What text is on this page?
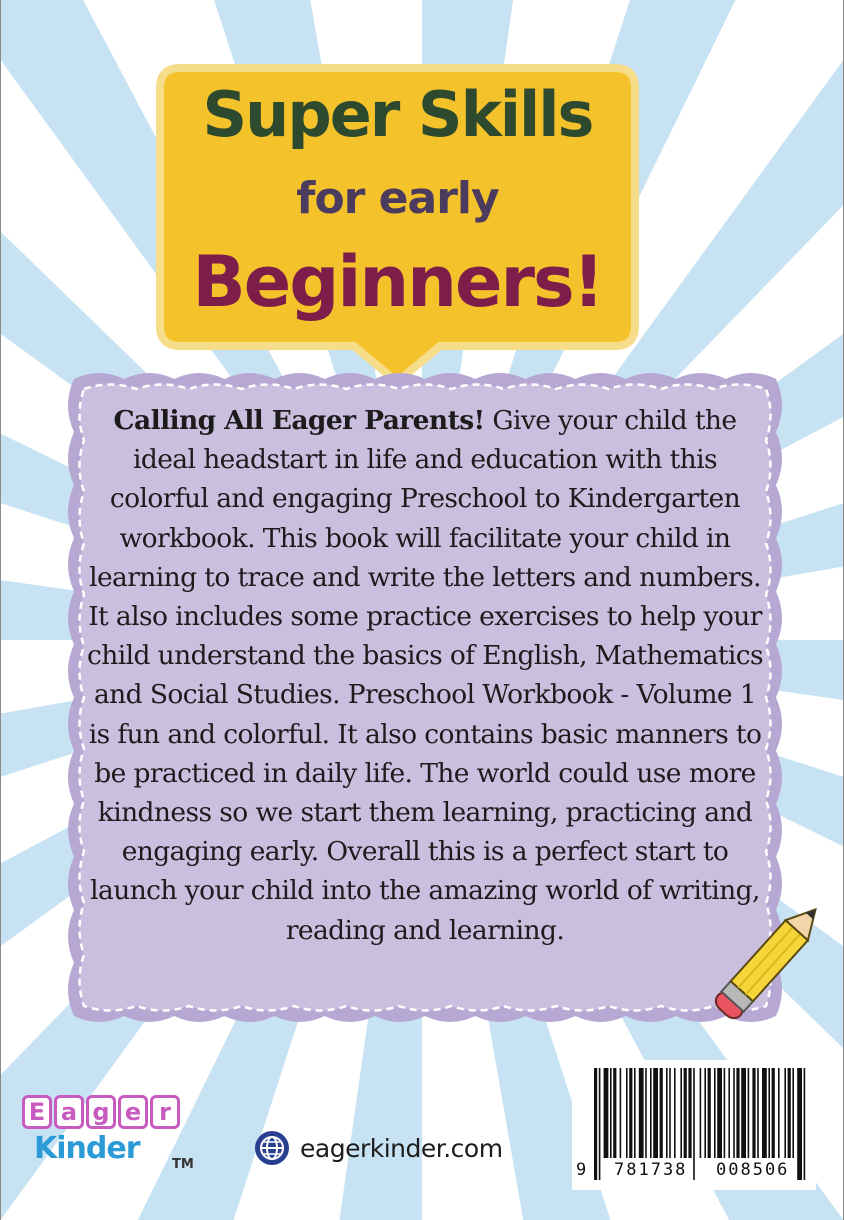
Super Skills
for early
Beginners!
Calling All Eager Parents! Give your child the ideal headstart in life and education with this colorful and engaging Preschool to Kindergarten workbook. This book will facilitate your child in learning to trace and write the letters and numbers. It also includes some practice exercises to help your child understand the basics of English, Mathematics and Social Studies. Preschool Workbook - Volume 1 is fun and colorful. It also contains basic manners to be practiced in daily life. The world could use more kindness so we start them learning, practicing and engaging early. Overall this is a perfect start to launch your child into the amazing world of writing, reading and learning.
E a g e r
Kinder TM
eagerkinder.com
9 781738 008506
